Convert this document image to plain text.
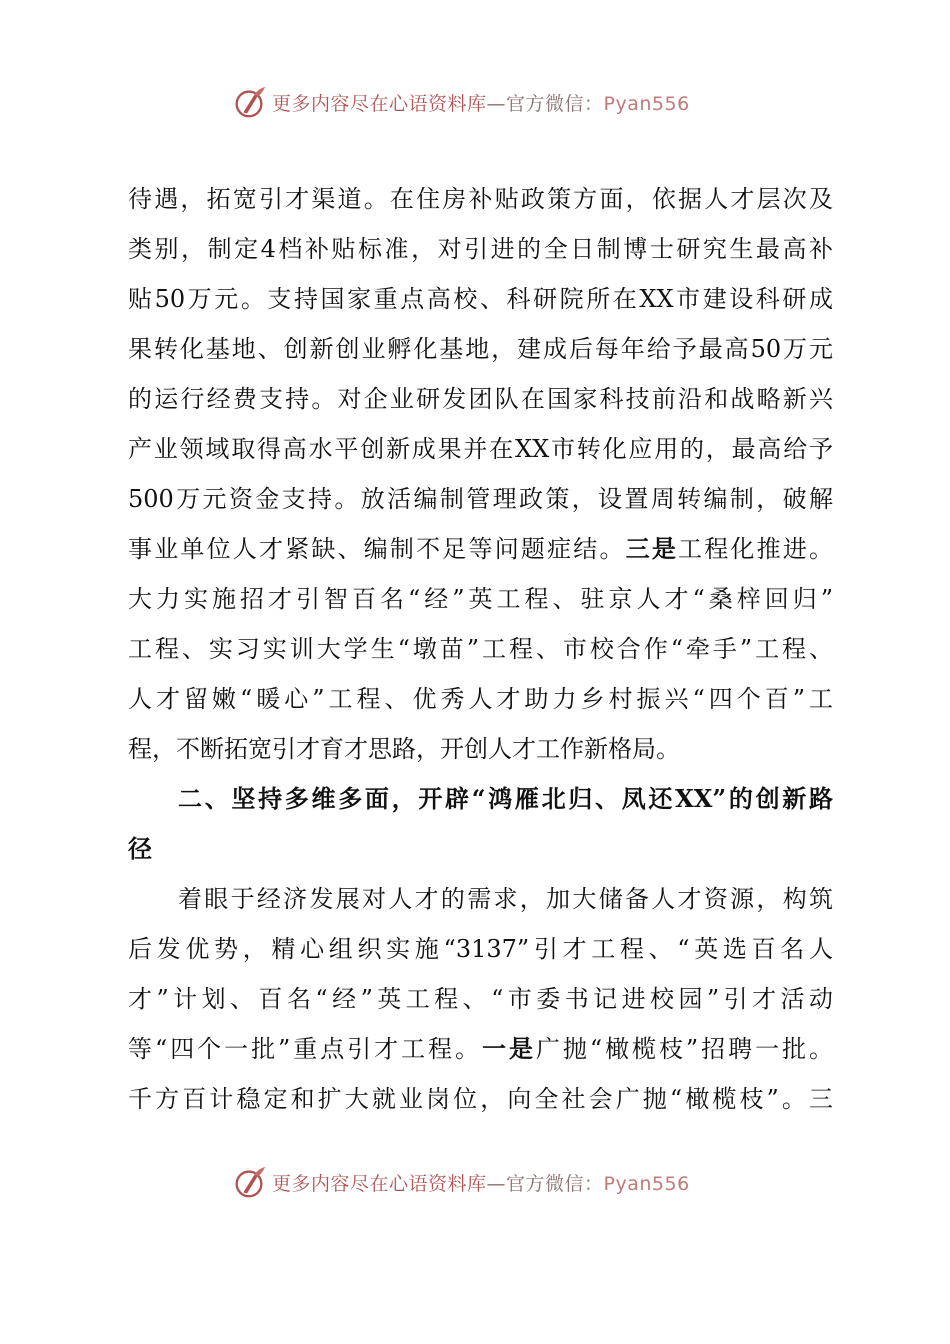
更多内容尽在心语资料库—官方微信：Pyan556
待遇，拓宽引才渠道。在住房补贴政策方面，依据人才层次及
类别，制定4档补贴标准，对引进的全日制博士研究生最高补
贴50万元。支持国家重点高校、科研院所在XX市建设科研成
果转化基地、创新创业孵化基地，建成后每年给予最高50万元
的运行经费支持。对企业研发团队在国家科技前沿和战略新兴
产业领域取得高水平创新成果并在XX市转化应用的，最高给予
500万元资金支持。放活编制管理政策，设置周转编制，破解
事业单位人才紧缺、编制不足等问题症结。三是工程化推进。
大力实施招才引智百名“经”英工程、驻京人才“桑梓回归”
工程、实习实训大学生“墩苗”工程、市校合作“牵手”工程、
人才留嫩“暖心”工程、优秀人才助力乡村振兴“四个百”工
程，不断拓宽引才育才思路，开创人才工作新格局。
二、坚持多维多面，开辟“鸿雁北归、凤还XX”的创新路
径
着眼于经济发展对人才的需求，加大储备人才资源，构筑
后发优势，精心组织实施“3137”引才工程、“英选百名人
才”计划、百名“经”英工程、“市委书记进校园”引才活动
等“四个一批”重点引才工程。一是广抛“橄榄枝”招聘一批。
千方百计稳定和扩大就业岗位，向全社会广抛“橄榄枝”。三
更多内容尽在心语资料库—官方微信：Pyan556
